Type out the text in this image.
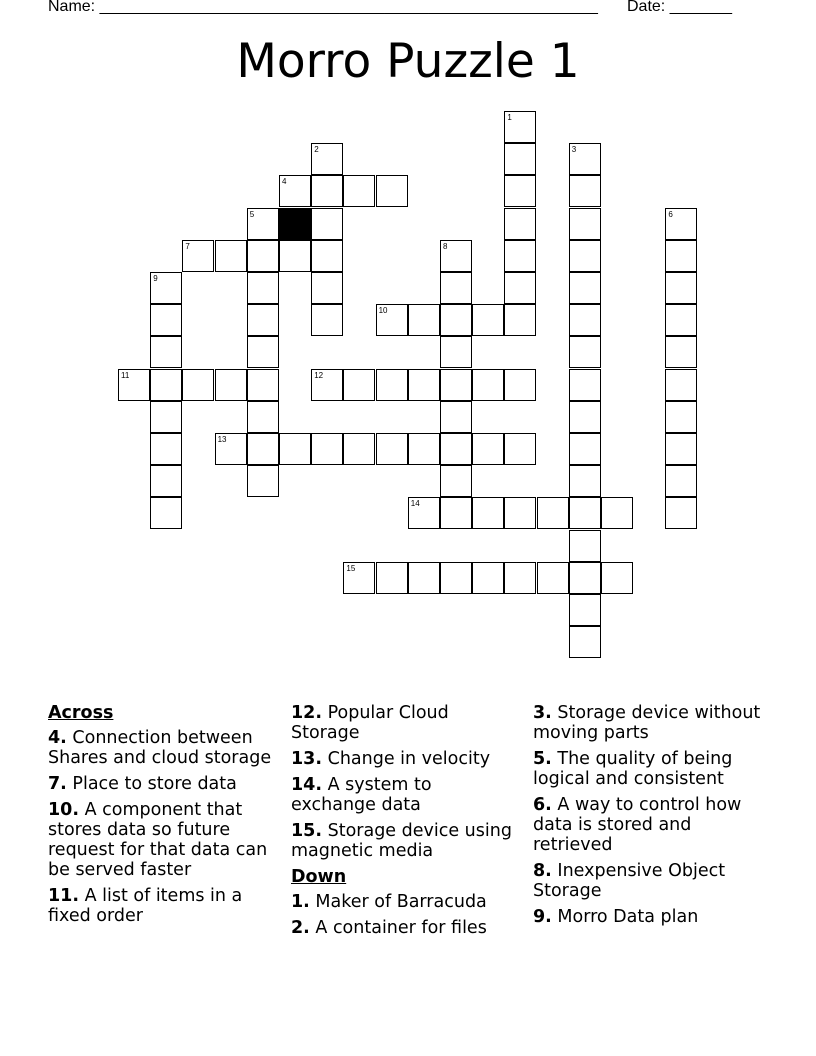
Name: ________________________________________________________ Date: _______
Morro Puzzle 1
1
2	3
4
5	6
7	8
9
10
11	12
13
14
15
Across
4. Connection between Shares and cloud storage
7. Place to store data
10. A component that stores data so future request for that data can be served faster
11. A list of items in a fixed order
12. Popular Cloud Storage
13. Change in velocity
14. A system to exchange data
15. Storage device using magnetic media
Down
1. Maker of Barracuda
2. A container for files
3. Storage device without moving parts
5. The quality of being logical and consistent
6. A way to control how data is stored and retrieved
8. Inexpensive Object Storage
9. Morro Data plan
